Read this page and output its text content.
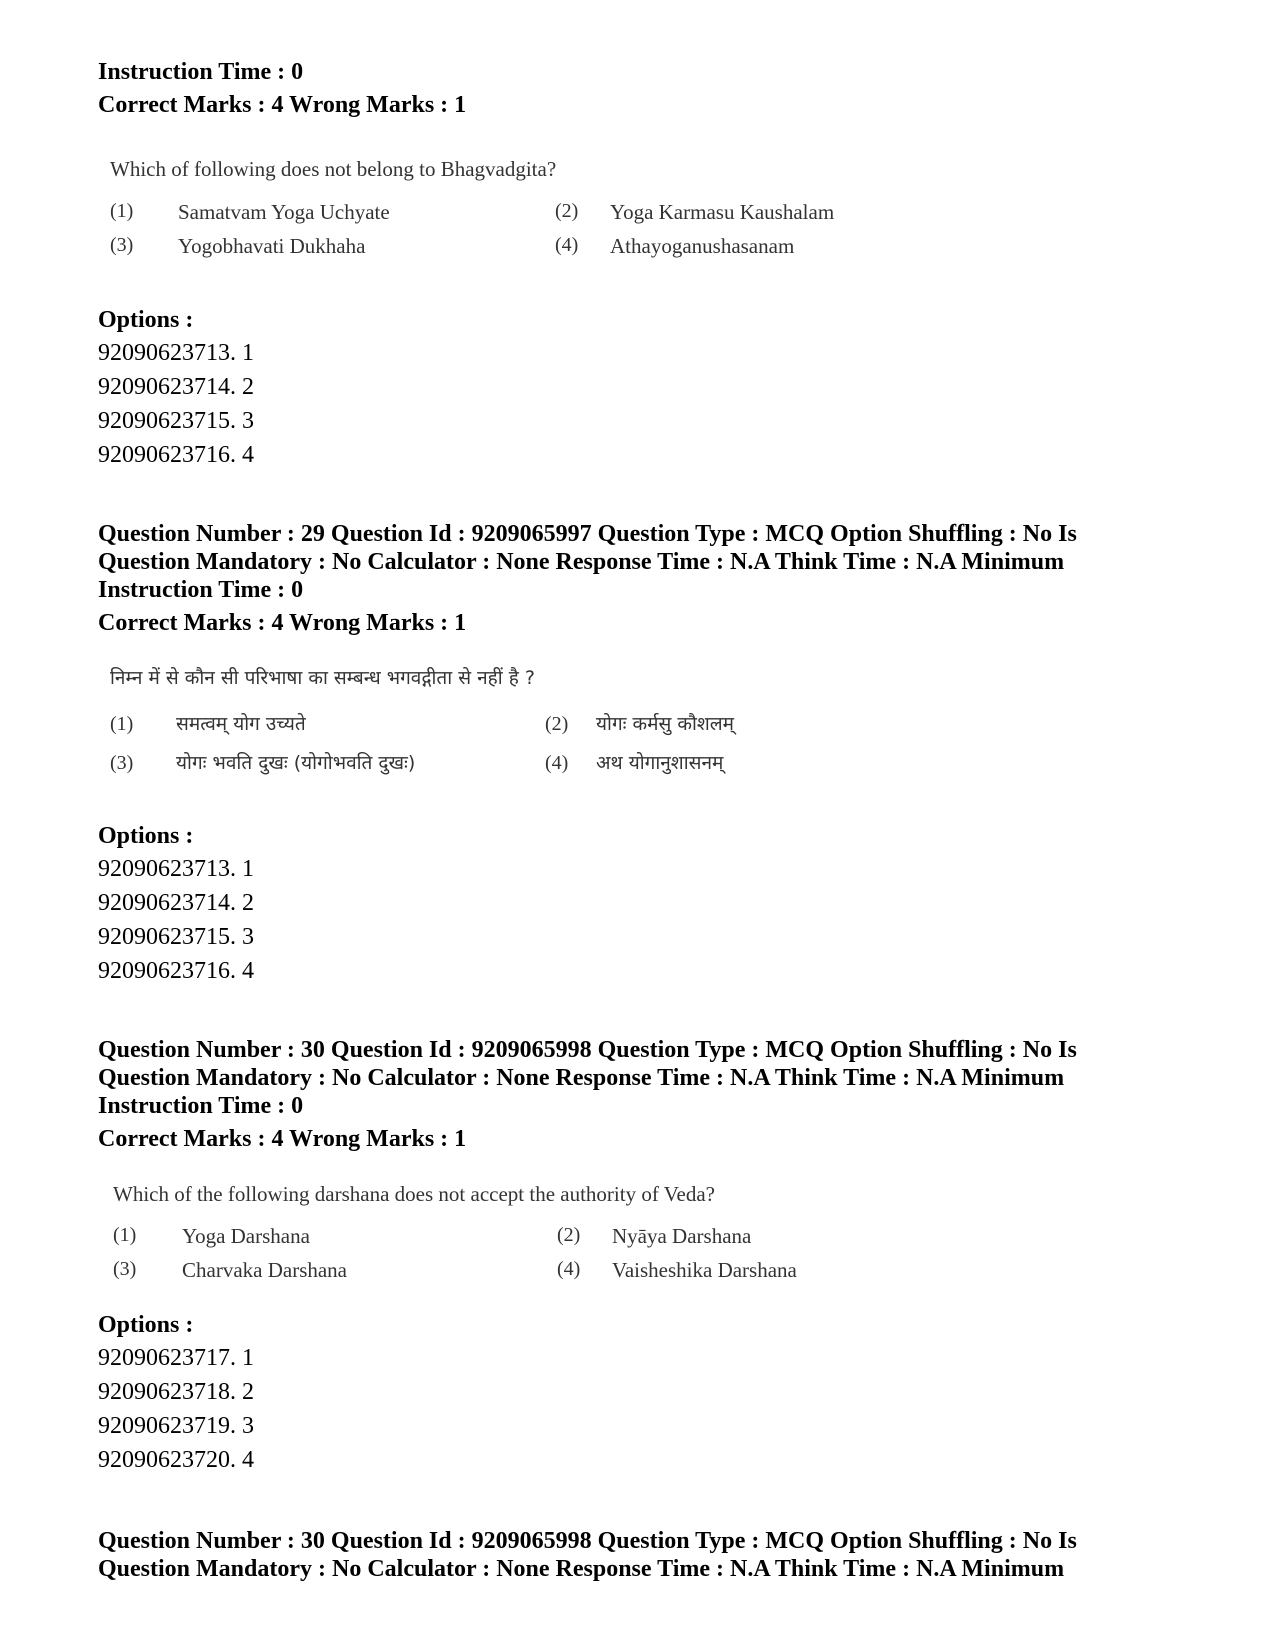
Instruction Time : 0
Correct Marks : 4 Wrong Marks : 1
Which of following does not belong to Bhagvadgita?
(1) Samatvam Yoga Uchyate	(2) Yoga Karmasu Kaushalam
(3) Yogobhavati Dukhaha	(4) Athayoganushasanam
Options :
92090623713. 1
92090623714. 2
92090623715. 3
92090623716. 4
Question Number : 29 Question Id : 9209065997 Question Type : MCQ Option Shuffling : No Is
Question Mandatory : No Calculator : None Response Time : N.A Think Time : N.A Minimum
Instruction Time : 0
Correct Marks : 4 Wrong Marks : 1
निम्न में से कौन सी परिभाषा का सम्बन्ध भगवद्गीता से नहीं है ?
(1) समत्वम् योग उच्यते	(2) योगः कर्मसु कौशलम्
(3) योगः भवति दुखः (योगोभवति दुखः)	(4) अथ योगानुशासनम्
Options :
92090623713. 1
92090623714. 2
92090623715. 3
92090623716. 4
Question Number : 30 Question Id : 9209065998 Question Type : MCQ Option Shuffling : No Is
Question Mandatory : No Calculator : None Response Time : N.A Think Time : N.A Minimum
Instruction Time : 0
Correct Marks : 4 Wrong Marks : 1
Which of the following darshana does not accept the authority of Veda?
(1) Yoga Darshana	(2) Nyāya Darshana
(3) Charvaka Darshana	(4) Vaisheshika Darshana
Options :
92090623717. 1
92090623718. 2
92090623719. 3
92090623720. 4
Question Number : 30 Question Id : 9209065998 Question Type : MCQ Option Shuffling : No Is
Question Mandatory : No Calculator : None Response Time : N.A Think Time : N.A Minimum
